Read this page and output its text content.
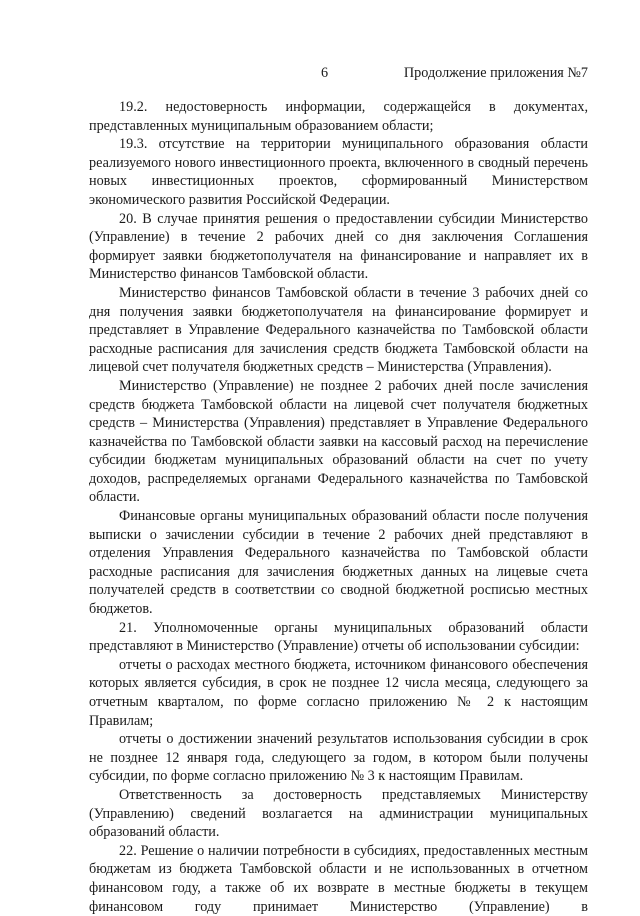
6	Продолжение приложения №7

19.2. недостоверность информации, содержащейся в документах, представленных муниципальным образованием области;

19.3. отсутствие на территории муниципального образования области реализуемого нового инвестиционного проекта, включенного в сводный перечень новых инвестиционных проектов, сформированный Министерством экономического развития Российской Федерации.

20. В случае принятия решения о предоставлении субсидии Министерство (Управление) в течение 2 рабочих дней со дня заключения Соглашения формирует заявки бюджетополучателя на финансирование и направляет их в Министерство финансов Тамбовской области.

Министерство финансов Тамбовской области в течение 3 рабочих дней со дня получения заявки бюджетополучателя на финансирование формирует и представляет в Управление Федерального казначейства по Тамбовской области расходные расписания для зачисления средств бюджета Тамбовской области на лицевой счет получателя бюджетных средств – Министерства (Управления).

Министерство (Управление) не позднее 2 рабочих дней после зачисления средств бюджета Тамбовской области на лицевой счет получателя бюджетных средств – Министерства (Управления) представляет в Управление Федерального казначейства по Тамбовской области заявки на кассовый расход на перечисление субсидии бюджетам муниципальных образований области на счет по учету доходов, распределяемых органами Федерального казначейства по Тамбовской области.

Финансовые органы муниципальных образований области после получения выписки о зачислении субсидии в течение 2 рабочих дней представляют в отделения Управления Федерального казначейства по Тамбовской области расходные расписания для зачисления бюджетных данных на лицевые счета получателей средств в соответствии со сводной бюджетной росписью местных бюджетов.

21. Уполномоченные органы муниципальных образований области представляют в Министерство (Управление) отчеты об использовании субсидии:

отчеты о расходах местного бюджета, источником финансового обеспечения которых является субсидия, в срок не позднее 12 числа месяца, следующего за отчетным кварталом, по форме согласно приложению № 2 к настоящим Правилам;

отчеты о достижении значений результатов использования субсидии в срок не позднее 12 января года, следующего за годом, в котором были получены субсидии, по форме согласно приложению № 3 к настоящим Правилам.

Ответственность за достоверность представляемых Министерству (Управлению) сведений возлагается на администрации муниципальных образований области.

22. Решение о наличии потребности в субсидиях, предоставленных местным бюджетам из бюджета Тамбовской области и не использованных в отчетном финансовом году, а также об их возврате в местные бюджеты в текущем финансовом году принимает Министерство (Управление) в
